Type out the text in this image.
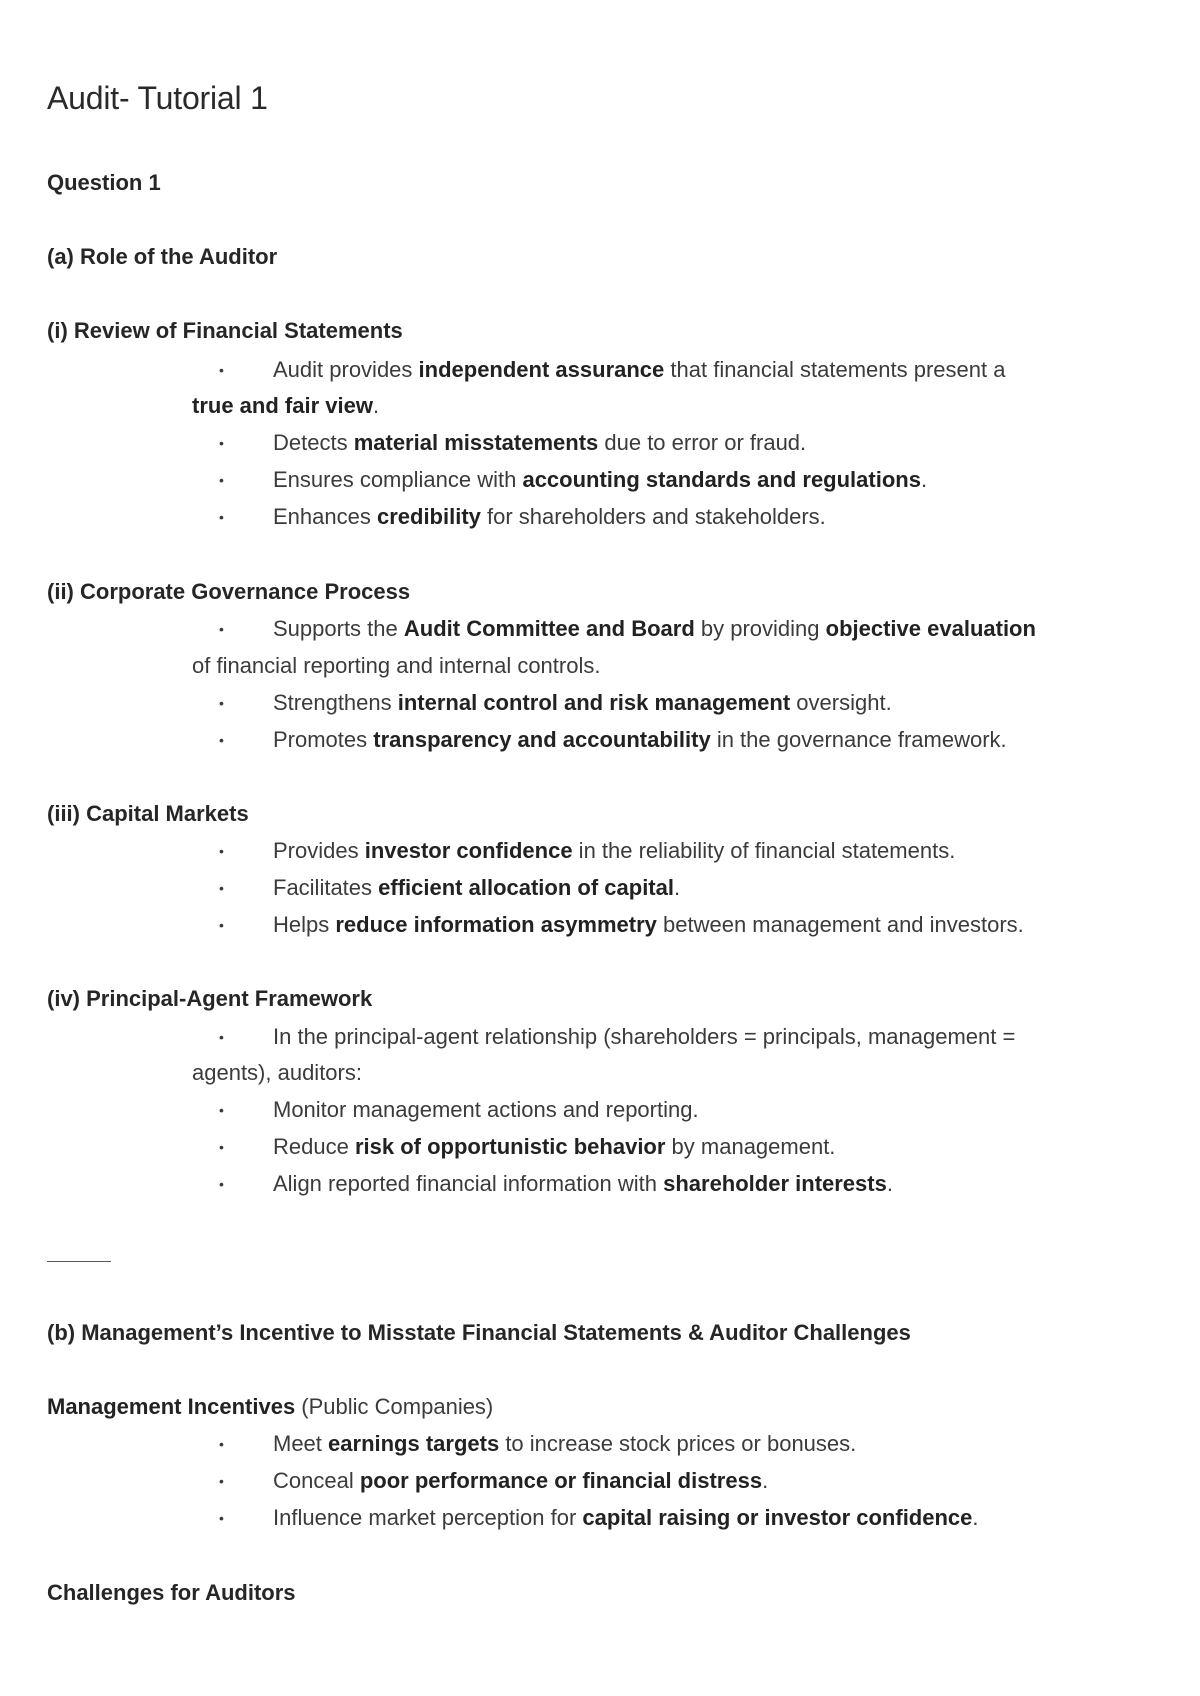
Audit- Tutorial 1
Question 1
(a) Role of the Auditor
(i) Review of Financial Statements
• Audit provides independent assurance that financial statements present a
true and fair view.
• Detects material misstatements due to error or fraud.
• Ensures compliance with accounting standards and regulations.
• Enhances credibility for shareholders and stakeholders.
(ii) Corporate Governance Process
• Supports the Audit Committee and Board by providing objective evaluation
of financial reporting and internal controls.
• Strengthens internal control and risk management oversight.
• Promotes transparency and accountability in the governance framework.
(iii) Capital Markets
• Provides investor confidence in the reliability of financial statements.
• Facilitates efficient allocation of capital.
• Helps reduce information asymmetry between management and investors.
(iv) Principal-Agent Framework
• In the principal-agent relationship (shareholders = principals, management =
agents), auditors:
• Monitor management actions and reporting.
• Reduce risk of opportunistic behavior by management.
• Align reported financial information with shareholder interests.
(b) Management’s Incentive to Misstate Financial Statements & Auditor Challenges
Management Incentives (Public Companies)
• Meet earnings targets to increase stock prices or bonuses.
• Conceal poor performance or financial distress.
• Influence market perception for capital raising or investor confidence.
Challenges for Auditors
